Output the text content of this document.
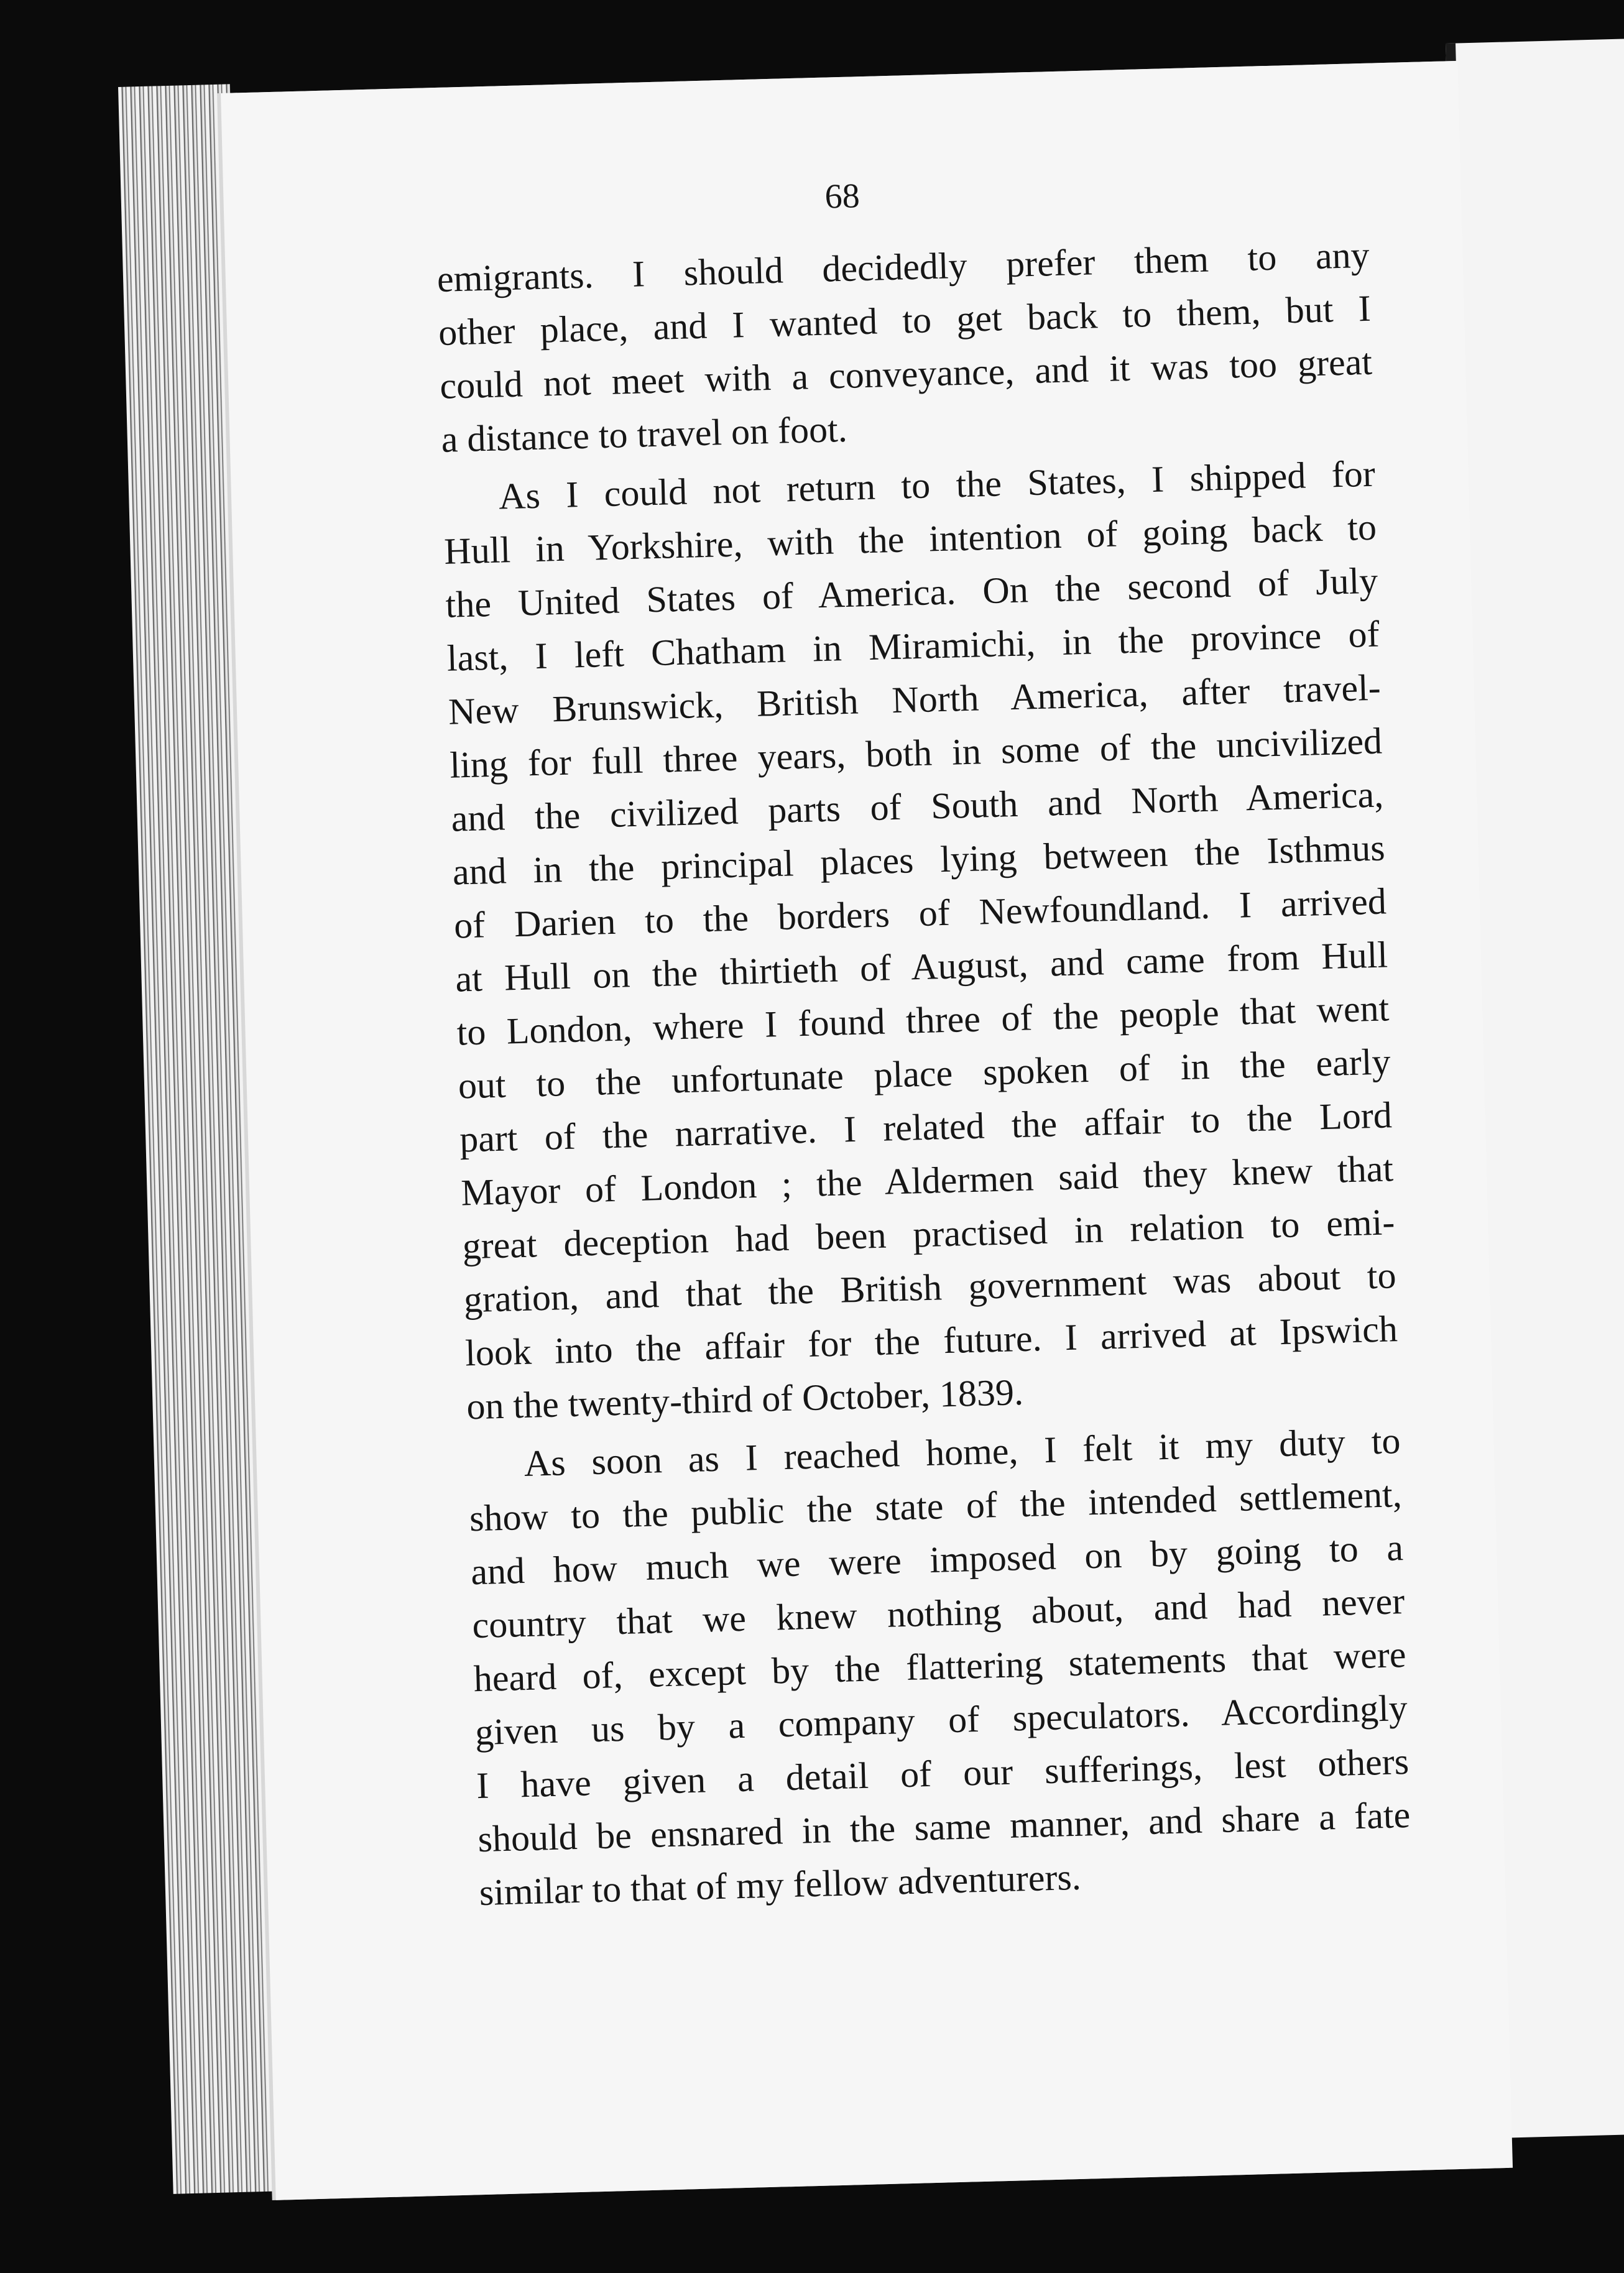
68

emigrants. I should decidedly prefer them to any
other place, and I wanted to get back to them, but I
could not meet with a conveyance, and it was too great
a distance to travel on foot.

As I could not return to the States, I shipped for
Hull in Yorkshire, with the intention of going back to
the United States of America. On the second of July
last, I left Chatham in Miramichi, in the province of
New Brunswick, British North America, after travel-
ling for full three years, both in some of the uncivilized
and the civilized parts of South and North America,
and in the principal places lying between the Isthmus
of Darien to the borders of Newfoundland. I arrived
at Hull on the thirtieth of August, and came from Hull
to London, where I found three of the people that went
out to the unfortunate place spoken of in the early
part of the narrative. I related the affair to the Lord
Mayor of London ; the Aldermen said they knew that
great deception had been practised in relation to emi-
gration, and that the British government was about to
look into the affair for the future. I arrived at Ipswich
on the twenty-third of October, 1839.

As soon as I reached home, I felt it my duty to
show to the public the state of the intended settlement,
and how much we were imposed on by going to a
country that we knew nothing about, and had never
heard of, except by the flattering statements that were
given us by a company of speculators. Accordingly
I have given a detail of our sufferings, lest others
should be ensnared in the same manner, and share a fate
similar to that of my fellow adventurers.
